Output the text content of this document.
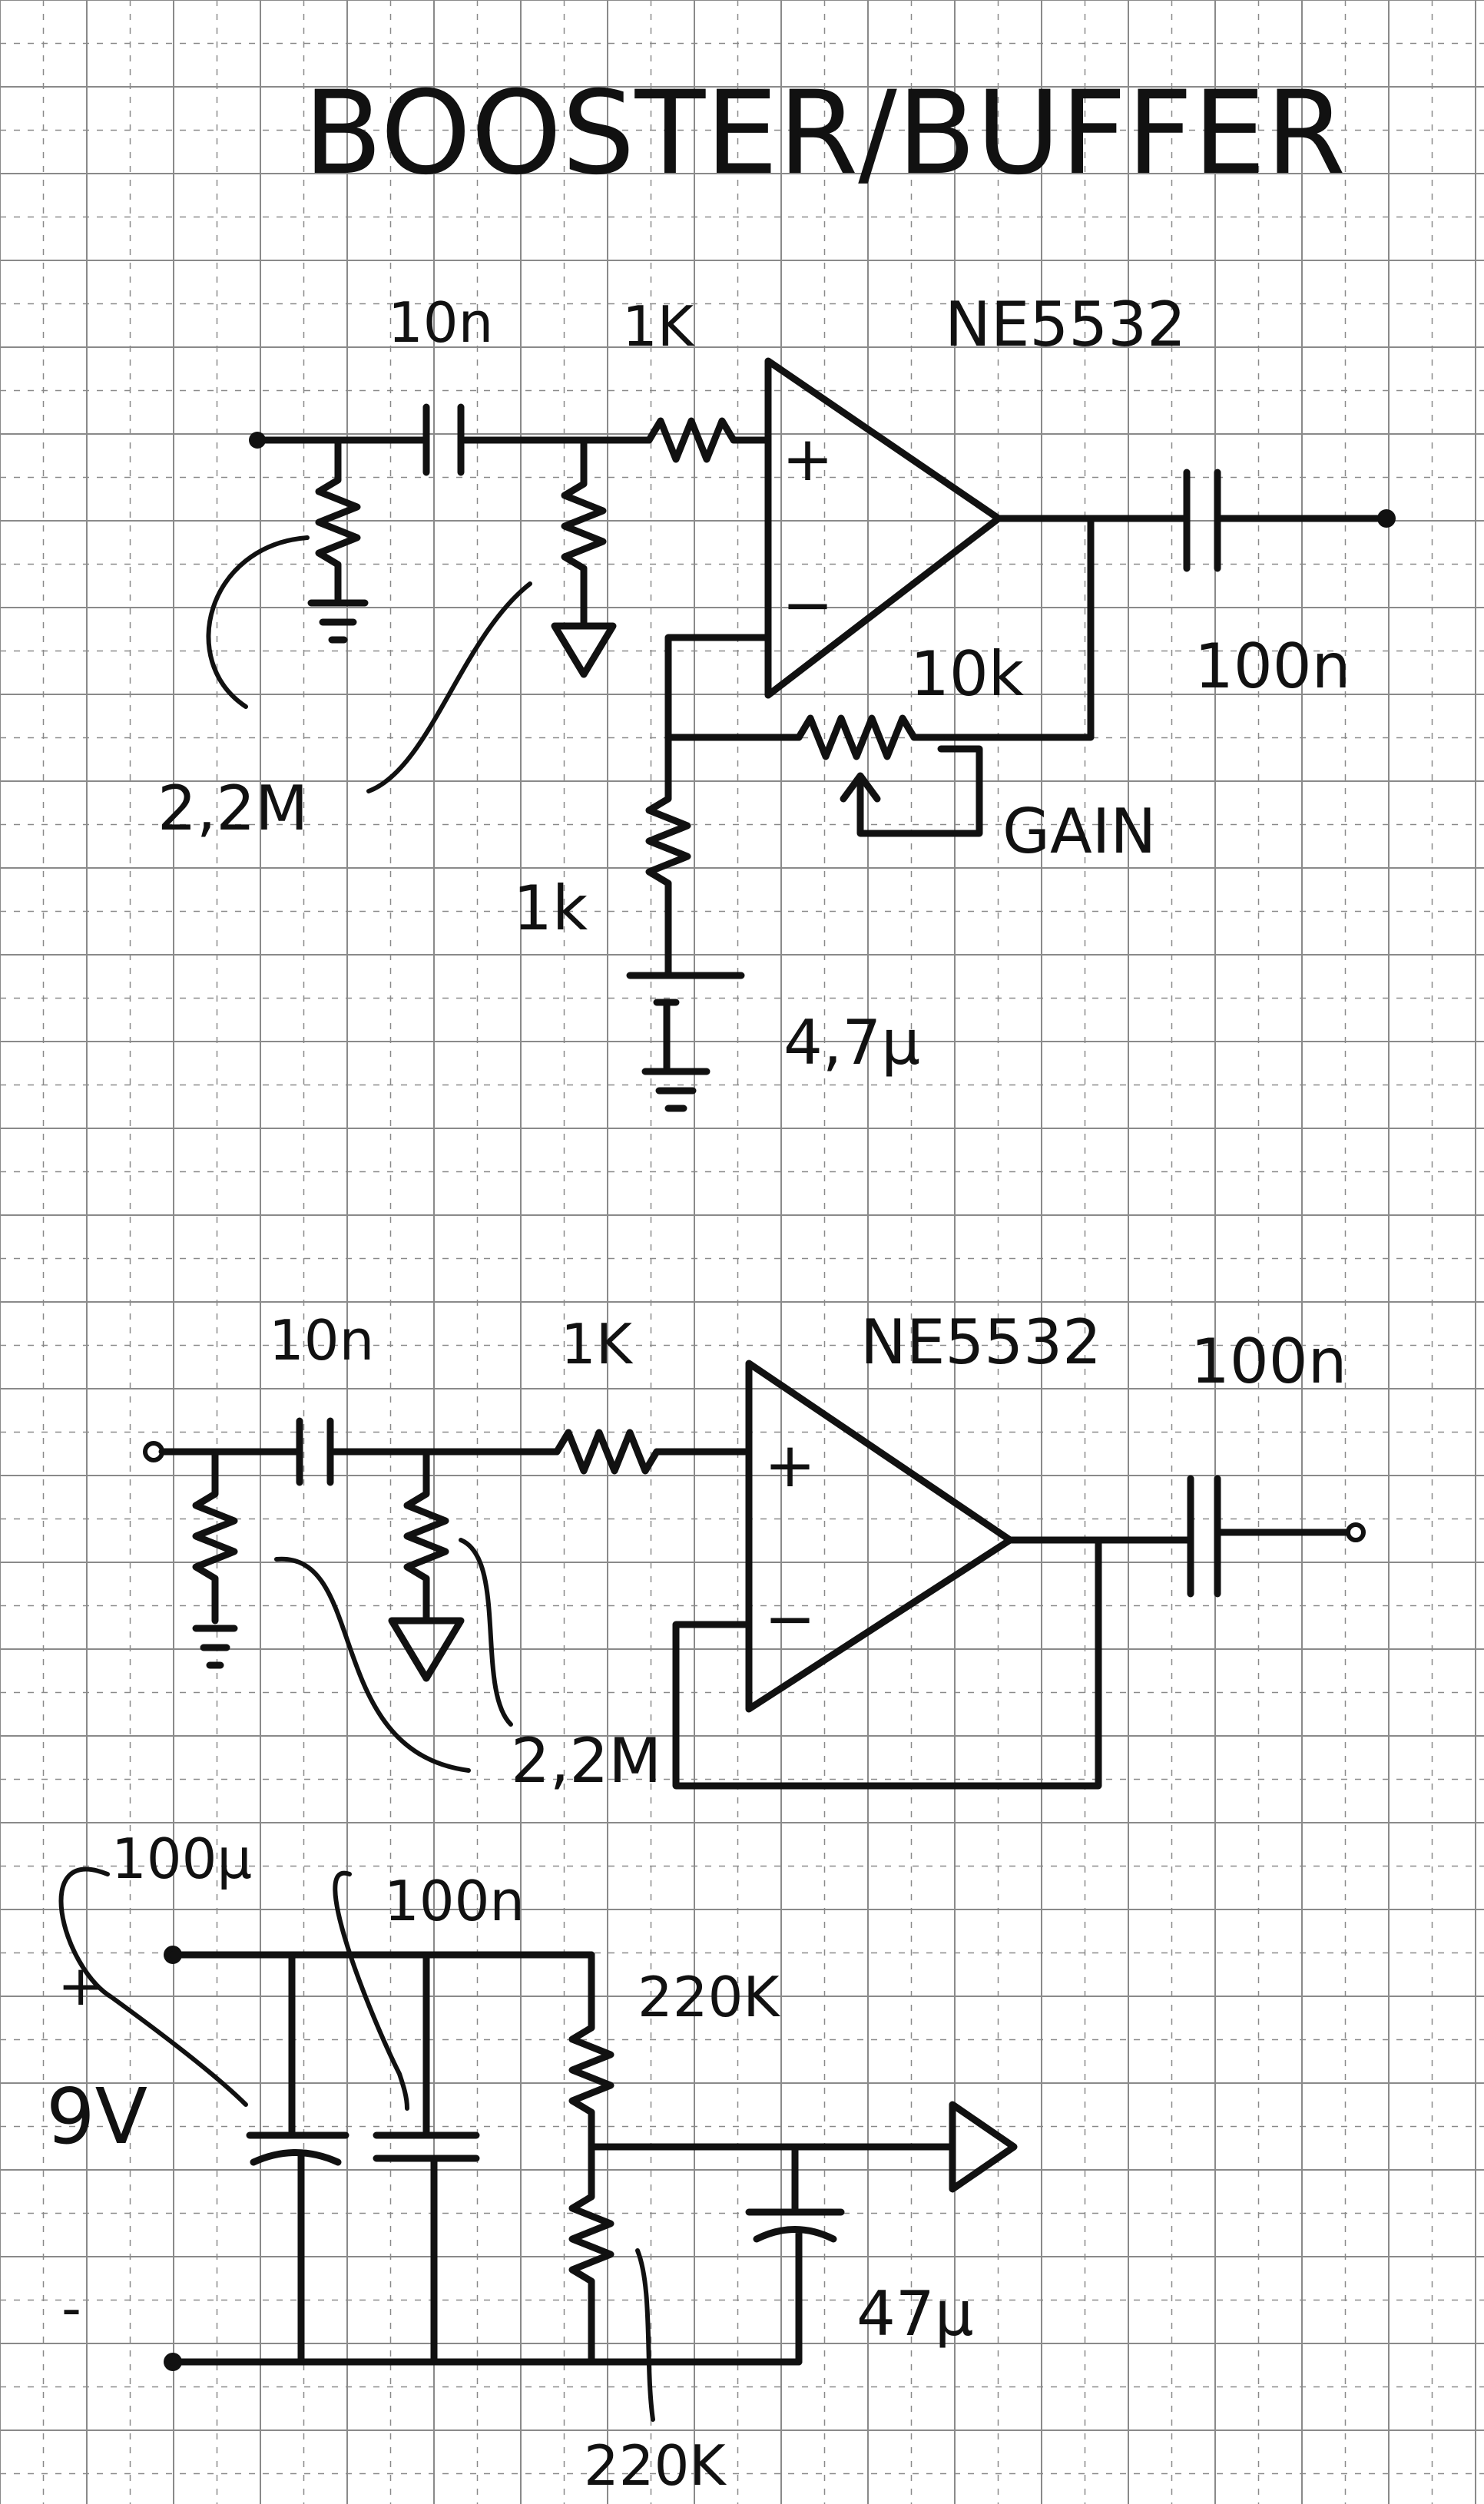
BOOSTER/BUFFER
10n 1K
2,2M
NE5532
+
−
100n
10k
GAIN
1k
4,7μ
10n	1K
2,2M
NE5532
+
−
100n
+
9V
-
100μ
100n
220K
220K
47μ
